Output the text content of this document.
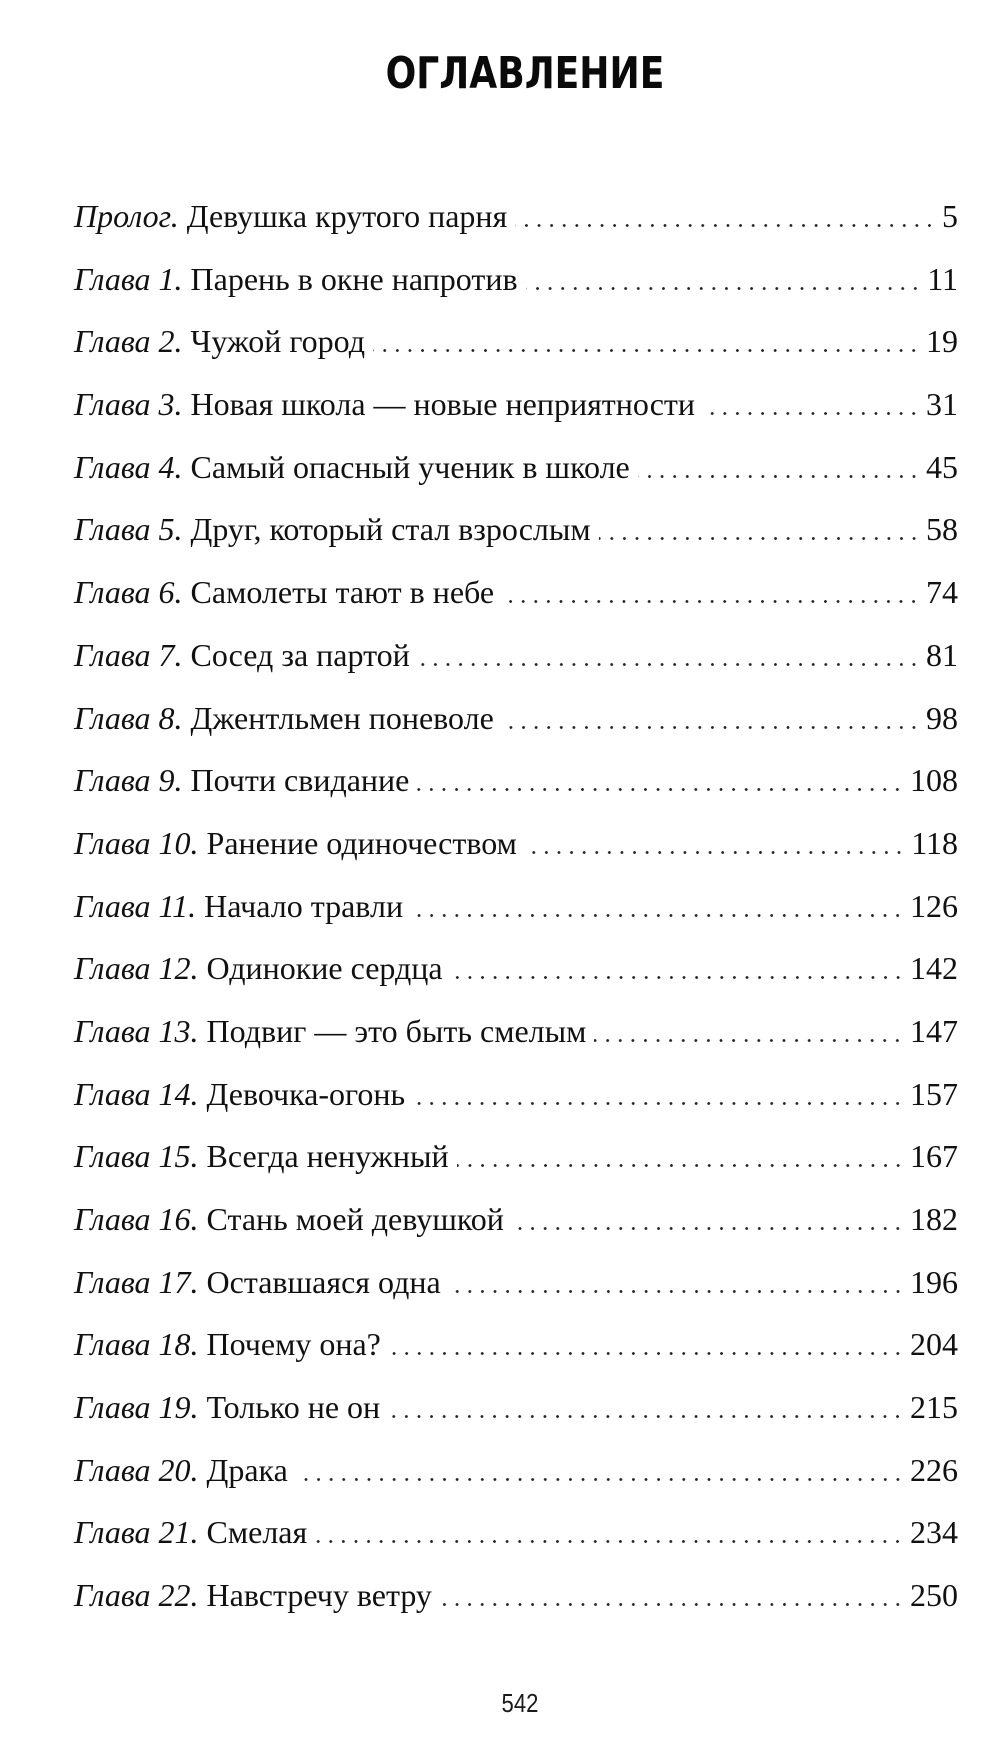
ОГЛАВЛЕНИЕ
Пролог. Девушка крутого парня	5
Глава 1. Парень в окне напротив	11
Глава 2. Чужой город	19
Глава 3. Новая школа — новые неприятности	31
Глава 4. Самый опасный ученик в школе	45
Глава 5. Друг, который стал взрослым	58
Глава 6. Самолеты тают в небе	74
Глава 7. Сосед за партой	81
Глава 8. Джентльмен поневоле	98
Глава 9. Почти свидание	108
Глава 10. Ранение одиночеством	118
Глава 11. Начало травли	126
Глава 12. Одинокие сердца	142
Глава 13. Подвиг — это быть смелым	147
Глава 14. Девочка-огонь	157
Глава 15. Всегда ненужный	167
Глава 16. Стань моей девушкой	182
Глава 17. Оставшаяся одна	196
Глава 18. Почему она?	204
Глава 19. Только не он	215
Глава 20. Драка	226
Глава 21. Смелая	234
Глава 22. Навстречу ветру	250
542
